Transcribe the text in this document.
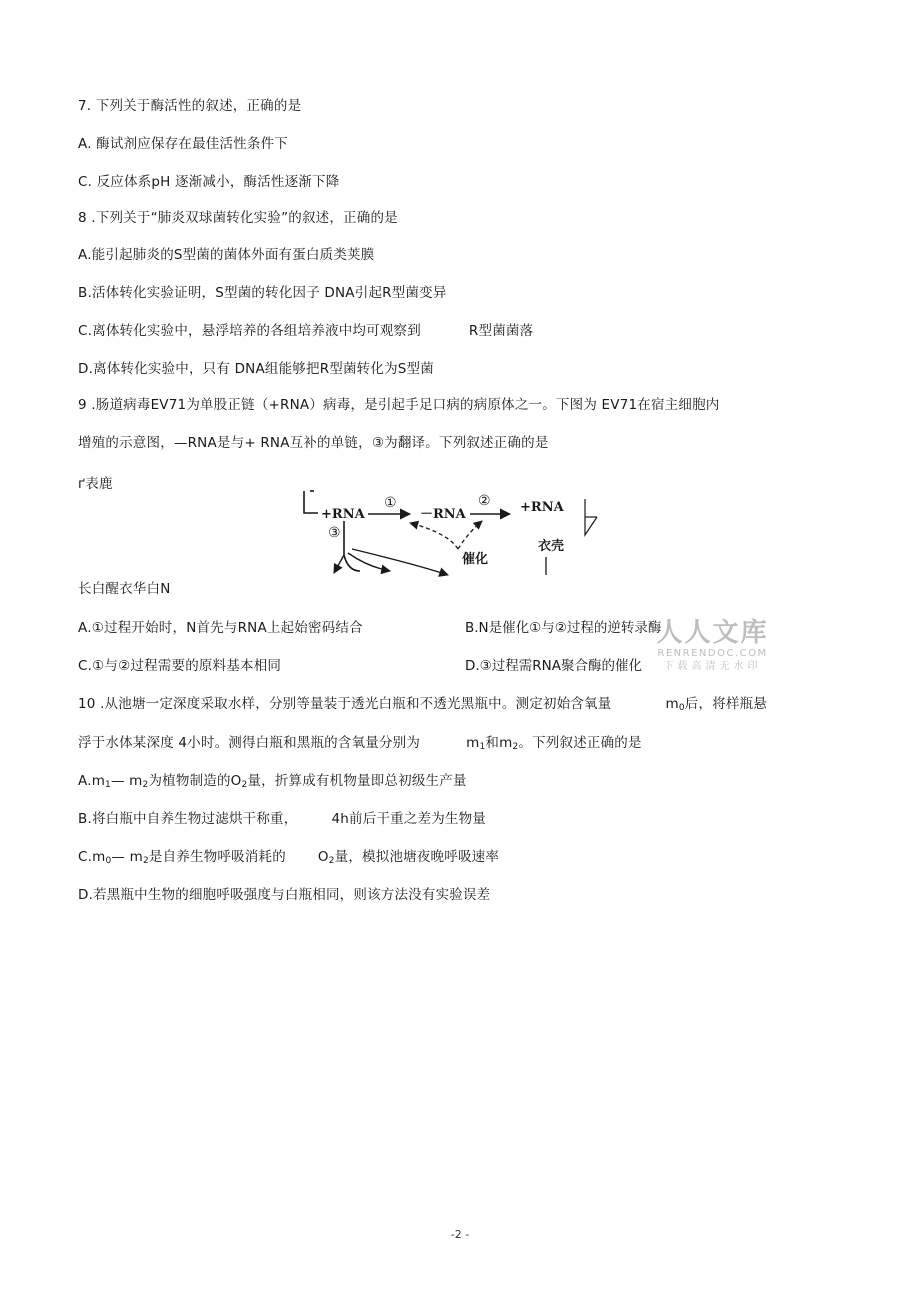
7. 下列关于酶活性的叙述，正确的是
A. 酶试剂应保存在最佳活性条件下
C. 反应体系pH 逐渐减小，酶活性逐渐下降
8 .下列关于“肺炎双球菌转化实验”的叙述，正确的是
A.能引起肺炎的S型菌的菌体外面有蛋白质类荚膜
B.活体转化实验证明，S型菌的转化因子 DNA引起R型菌变异
C.离体转化实验中，悬浮培养的各组培养液中均可观察到	R型菌菌落
D.离体转化实验中，只有 DNA组能够把R型菌转化为S型菌
9 .肠道病毒EV71为单股正链（+RNA）病毒，是引起手足口病的病原体之一。下图为 EV71在宿主细胞内
增殖的示意图，—RNA是与+ RNA互补的单链，③为翻译。下列叙述正确的是
ґ表鹿
+RNA
①
－RNA
② +RNA
③
催化
衣壳
长白醒衣华白N
A.①过程开始时，N首先与RNA上起始密码结合	B.N是催化①与②过程的逆转录酶
C.①与②过程需要的原料基本相同	D.③过程需RNA聚合酶的催化
人人文库
RENRENDOC.COM
下载高清无水印
10 .从池塘一定深度采取水样，分别等量装于透光白瓶和不透光黑瓶中。测定初始含氧量	$m_0$后，将样瓶悬
浮于水体某深度 4小时。测得白瓶和黑瓶的含氧量分别为	$m_1$和$m_2$。下列叙述正确的是
$A.m_1—$ $m_2$为植物制造的$O_2$量，折算成有机物量即总初级生产量
B.将白瓶中自养生物过滤烘干称重，	4h前后干重之差为生物量
$C.m_0—$ $m_2$是自养生物呼吸消耗的 $O_2$量，模拟池塘夜晚呼吸速率
D.若黑瓶中生物的细胞呼吸强度与白瓶相同，则该方法没有实验误差
-2 -
